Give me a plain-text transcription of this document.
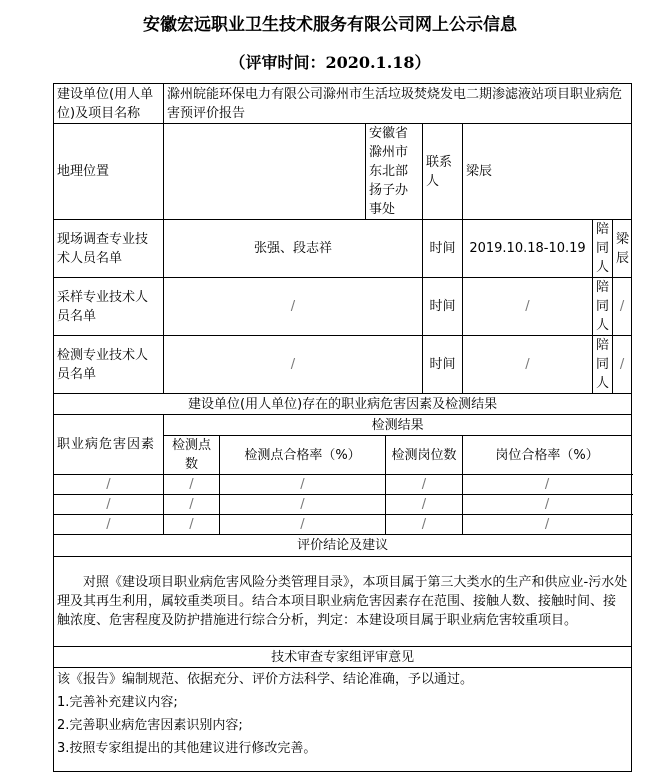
安徽宏远职业卫生技术服务有限公司网上公示信息
（评审时间：2020.1.18）
建设单位(用人单位)及项目名称	滁州皖能环保电力有限公司滁州市生活垃圾焚烧发电二期渗滤液站项目职业病危害预评价报告							
地理位置			安徽省滁州市东北部扬子办事处		联系人	梁辰		
现场调查专业技术人员名单	张强、段志祥				时间	2019.10.18-10.19	陪同人	梁辰
采样专业技术人员名单	/				时间	/	陪同人	/
检测专业技术人员名单	/				时间	/	陪同人	/
建设单位(用人单位)存在的职业病危害因素及检测结果								
职业病危害因素	检测结果							
	检测点数	检测点合格率（%）		检测岗位数		岗位合格率（%）		
/	/	/		/		/		
/	/	/		/		/		
/	/	/		/		/		
评价结论及建议								
对照《建设项目职业病危害风险分类管理目录》，本项目属于第三大类水的生产和供应业-污水处理及其再生利用，属较重类项目。结合本项目职业病危害因素存在范围、接触人数、接触时间、接触浓度、危害程度及防护措施进行综合分析，判定：本建设项目属于职业病危害较重项目。								
技术审查专家组评审意见								

该《报告》编制规范、依据充分、评价方法科学、结论准确，予以通过。
1.完善补充建议内容;
2.完善职业病危害因素识别内容;
3.按照专家组提出的其他建议进行修改完善。								
